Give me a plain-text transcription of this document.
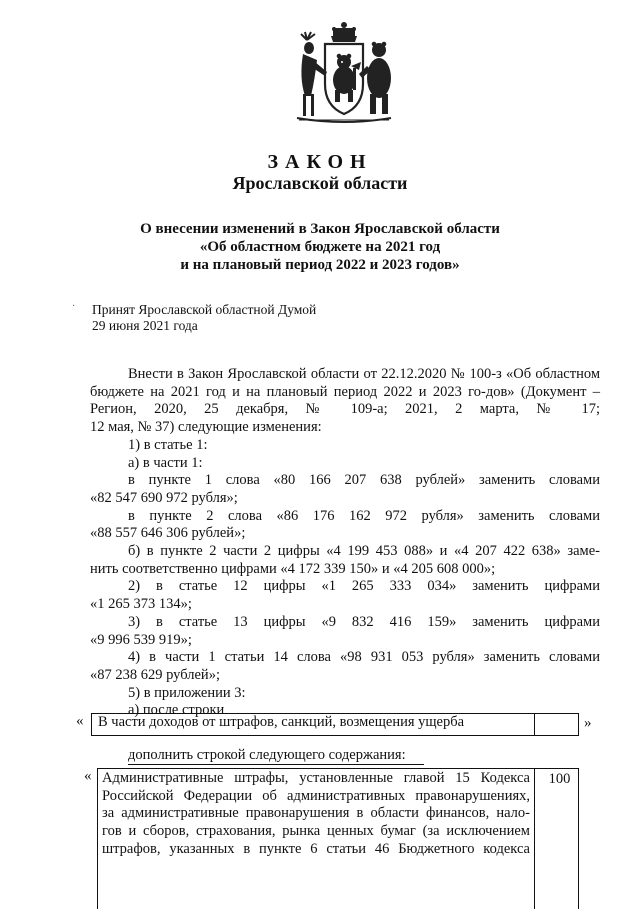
ЗАКОН
Ярославской области
О внесении изменений в Закон Ярославской области
«Об областном бюджете на 2021 год
и на плановый период 2022 и 2023 годов»
· Принят Ярославской областной Думой
29 июня 2021 года

Внести в Закон Ярославской области от 22.12.2020 № 100-з «Об областном бюджете на 2021 год и на плановый период 2022 и 2023 го-дов» (Документ – Регион, 2020, 25 декабря, № 109-а; 2021, 2 марта, № 17;

12 мая, № 37) следующие изменения:

1) в статье 1:

а) в части 1:

в пункте 1 слова «80 166 207 638 рублей» заменить словами

«82 547 690 972 рубля»;

в пункте 2 слова «86 176 162 972 рубля» заменить словами

«88 557 646 306 рублей»;

б) в пункте 2 части 2 цифры «4 199 453 088» и «4 207 422 638» заме-

нить соответственно цифрами «4 172 339 150» и «4 205 608 000»;

2) в статье 12 цифры «1 265 333 034» заменить цифрами

«1 265 373 134»;

3) в статье 13 цифры «9 832 416 159» заменить цифрами

«9 996 539 919»;

4) в части 1 статьи 14 слова «98 931 053 рубля» заменить словами

«87 238 629 рублей»;

5) в приложении 3:

а) после строки

«	В части доходов от штрафов, санкций, возмещения ущерба	»
дополнить строкой следующего содержания:
« Административные штрафы, установленные главой 15 Кодекса

Российской Федерации об административных правонарушениях,

за административные правонарушения в области финансов, нало-

гов и сборов, страхования, рынка ценных бумаг (за исключением

штрафов, указанных в пункте 6 статьи 46 Бюджетного кодекса

100
